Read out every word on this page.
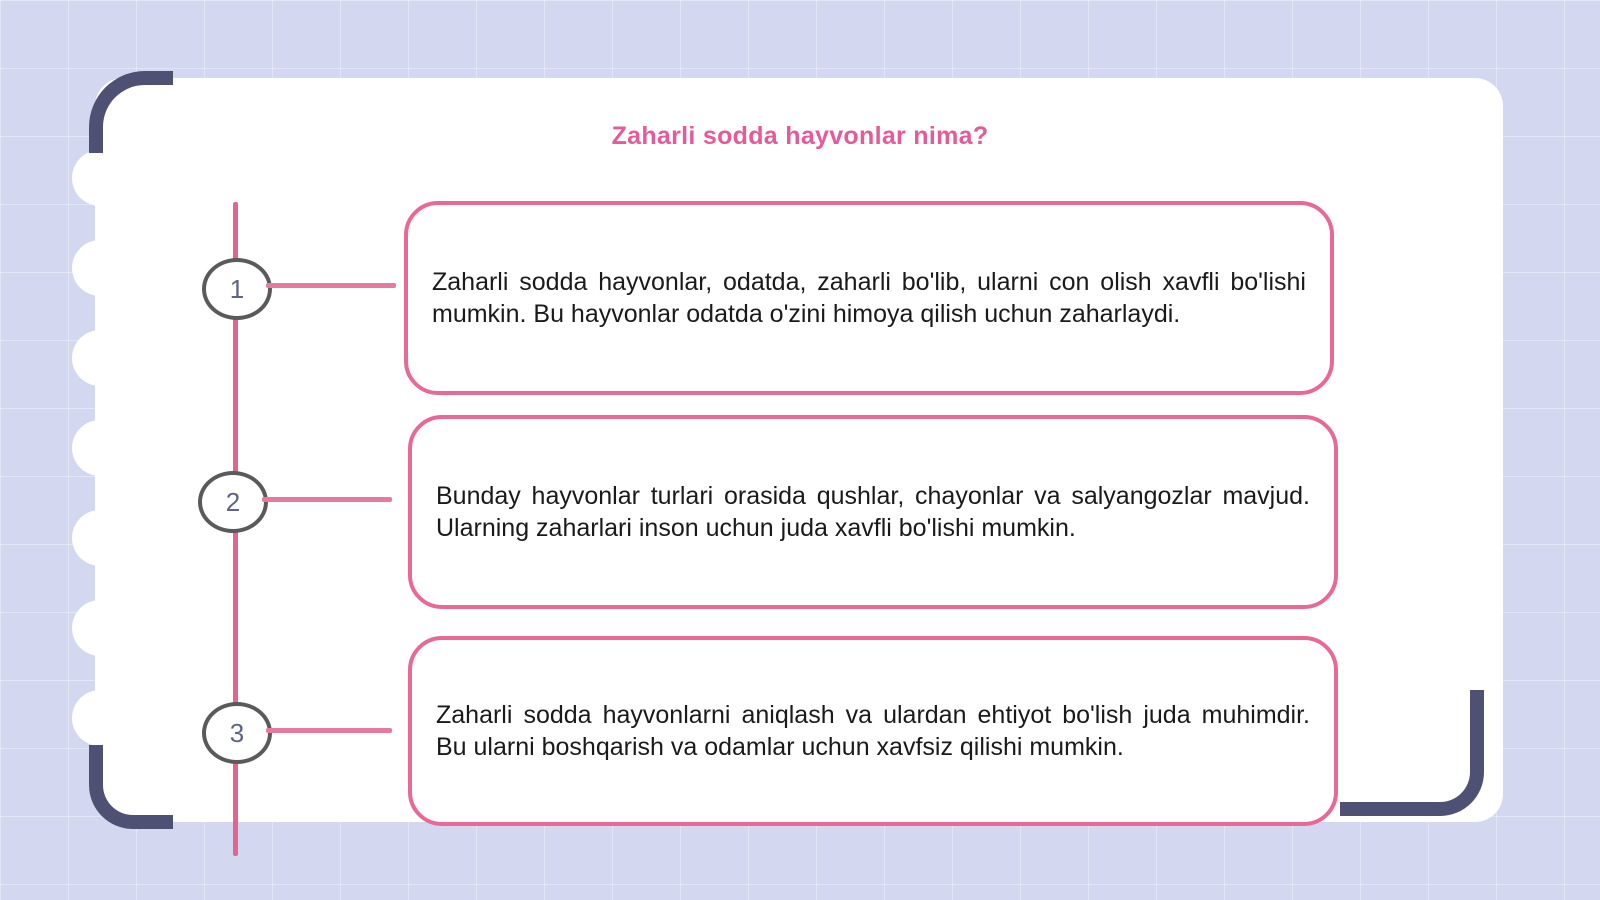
Zaharli sodda hayvonlar nima?
1	Zaharli sodda hayvonlar, odatda, zaharli bo'lib, ularni con olish xavfli bo'lishi mumkin. Bu hayvonlar odatda o'zini himoya qilish uchun zaharlaydi.
2	Bunday hayvonlar turlari orasida qushlar, chayonlar va salyangozlar mavjud. Ularning zaharlari inson uchun juda xavfli bo'lishi mumkin.
3
Zaharli sodda hayvonlarni aniqlash va ulardan ehtiyot bo'lish juda muhimdir. Bu ularni boshqarish va odamlar uchun xavfsiz qilishi mumkin.
